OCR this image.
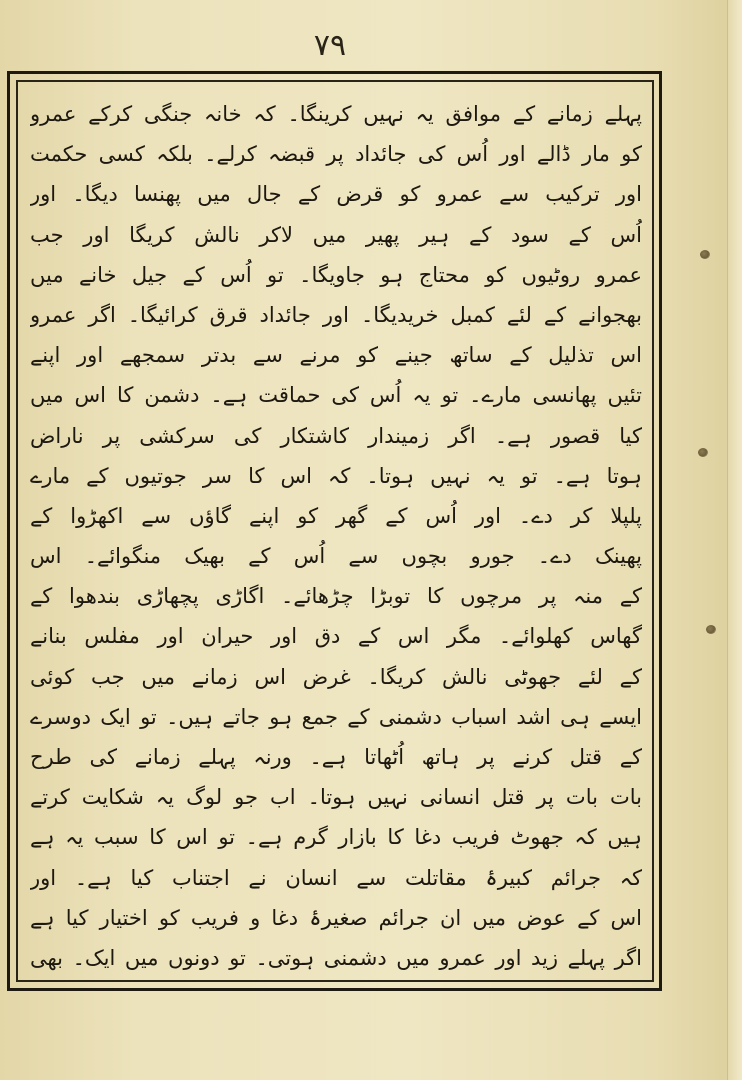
٧٩
پہلے زمانے کے موافق یہ نہیں کرینگا۔ کہ خانہ جنگی کرکے عمرو
کو مار ڈالے اور اُس کی جائداد پر قبضہ کرلے۔ بلکہ کسی حکمت
اور ترکیب سے عمرو کو قرض کے جال میں پھنسا دیگا۔ اور
اُس کے سود کے ہیر پھیر میں لاکر نالش کریگا اور جب
عمرو روٹیوں کو محتاج ہو جاویگا۔ تو اُس کے جیل خانے میں
بھجوانے کے لئے کمبل خریدیگا۔ اور جائداد قرق کرائیگا۔ اگر عمرو
اس تذلیل کے ساتھ جینے کو مرنے سے بدتر سمجھے اور اپنے
تئیں پھانسی مارے۔ تو یہ اُس کی حماقت ہے۔ دشمن کا اس میں
کیا قصور ہے۔ اگر زمیندار کاشتکار کی سرکشی پر ناراض
ہوتا ہے۔ تو یہ نہیں ہوتا۔ کہ اس کا سر جوتیوں کے مارے
پلپلا کر دے۔ اور اُس کے گھر کو اپنے گاؤں سے اکھڑوا کے
پھینک دے۔ جورو بچوں سے اُس کے بھیک منگوائے۔ اس
کے منہ پر مرچوں کا توبڑا چڑھائے۔ اگاڑی پچھاڑی بندھوا کے
گھاس کھلوائے۔ مگر اس کے دق اور حیران اور مفلس بنانے
کے لئے جھوٹی نالش کریگا۔ غرض اس زمانے میں جب کوئی
ایسے ہی اشد اسباب دشمنی کے جمع ہو جاتے ہیں۔ تو ایک دوسرے
کے قتل کرنے پر ہاتھ اُٹھاتا ہے۔ ورنہ پہلے زمانے کی طرح
بات بات پر قتل انسانی نہیں ہوتا۔ اب جو لوگ یہ شکایت کرتے
ہیں کہ جھوٹ فریب دغا کا بازار گرم ہے۔ تو اس کا سبب یہ ہے
کہ جرائم کبیرۂ مقاتلت سے انسان نے اجتناب کیا ہے۔ اور
اس کے عوض میں ان جرائم صغیرۂ دغا و فریب کو اختیار کیا ہے
اگر پہلے زید اور عمرو میں دشمنی ہوتی۔ تو دونوں میں ایک۔ بھی
